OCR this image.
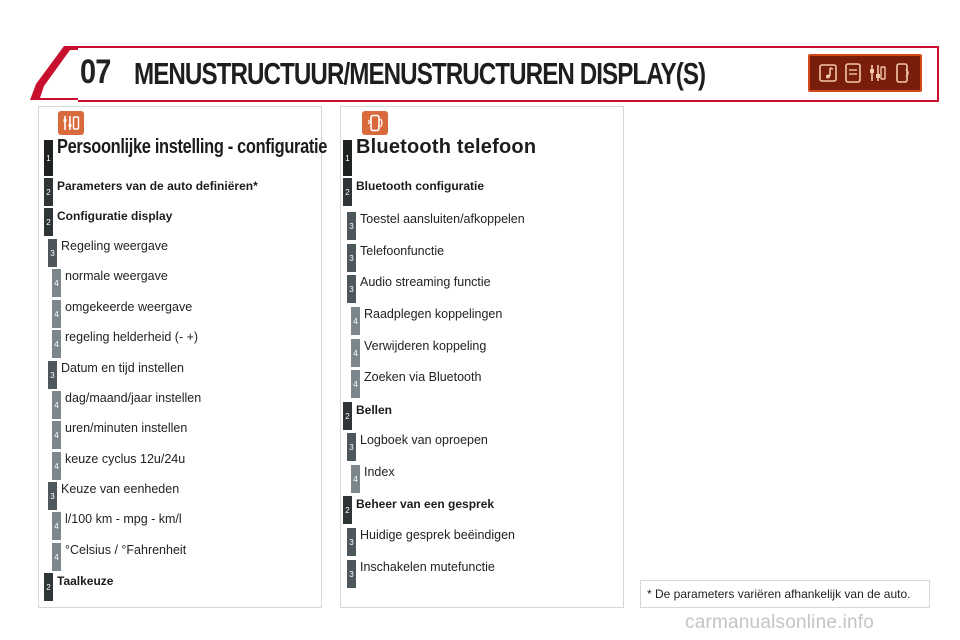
07 MENUSTRUCTUUR/MENUSTRUCTUREN DISPLAY(S)
1 Persoonlijke instelling - configuratie
2 Parameters van de auto definiëren*
2 Configuratie display
3 Regeling weergave
4 normale weergave
4 omgekeerde weergave
4 regeling helderheid (- +)
3 Datum en tijd instellen
4 dag/maand/jaar instellen
4 uren/minuten instellen
4 keuze cyclus 12u/24u
3 Keuze van eenheden
4 l/100 km - mpg - km/l
4 °Celsius / °Fahrenheit
2 Taalkeuze
1 Bluetooth telefoon
2 Bluetooth configuratie
3 Toestel aansluiten/afkoppelen
3 Telefoonfunctie
3 Audio streaming functie
4 Raadplegen koppelingen
4 Verwijderen koppeling
4 Zoeken via Bluetooth
2 Bellen
3 Logboek van oproepen
4 Index
2 Beheer van een gesprek
3 Huidige gesprek beëindigen
3 Inschakelen mutefunctie
* De parameters variëren afhankelijk van de auto.
carmanualsonline.info
